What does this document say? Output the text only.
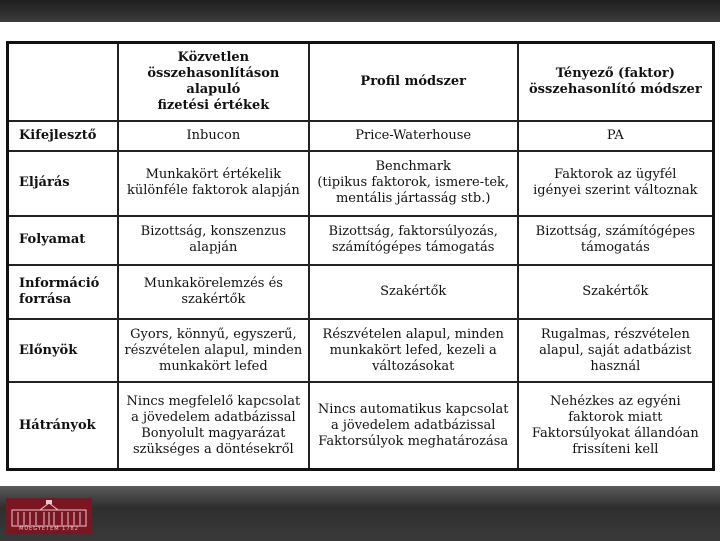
	Közvetlen
összehasonlításon alapuló
fizetési értékek	Profil módszer	Tényező (faktor)
összehasonlító módszer
Kifejlesztő	Inbucon	Price-Waterhouse	PA
Eljárás	Munkakört értékelik
különféle faktorok alapján	Benchmark
(tipikus faktorok, ismere-tek,
mentális jártasság stb.)	Faktorok az ügyfél
igényei szerint változnak
Folyamat	Bizottság, konszenzus
alapján	Bizottság, faktorsúlyozás,
számítógépes támogatás	Bizottság, számítógépes
támogatás
Információ
forrása	Munkakörelemzés és
szakértők	Szakértők	Szakértők
Előnyök	Gyors, könnyű, egyszerű,
részvételen alapul, minden
munkakört lefed	Részvételen alapul, minden
munkakört lefed, kezeli a
változásokat	Rugalmas, részvételen
alapul, saját adatbázist
használ
Hátrányok	Nincs megfelelő kapcsolat
a jövedelem adatbázissal
Bonyolult magyarázat
szükséges a döntésekről	Nincs automatikus kapcsolat
a jövedelem adatbázissal
Faktorsúlyok meghatározása	Nehézkes az egyéni
faktorok miatt
Faktorsúlyokat állandóan
frissíteni kell
MŰEGYETEM 1782
